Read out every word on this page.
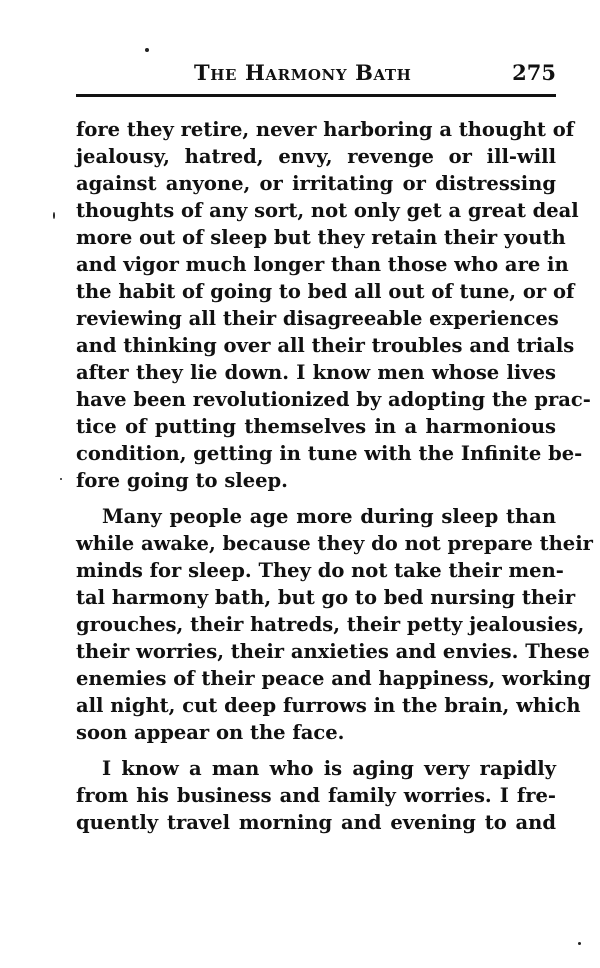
The Harmony Bath	275
fore they retire, never harboring a thought of
jealousy, hatred, envy, revenge or ill-will
against anyone, or irritating or distressing
thoughts of any sort, not only get a great deal
more out of sleep but they retain their youth
and vigor much longer than those who are in
the habit of going to bed all out of tune, or of
reviewing all their disagreeable experiences
and thinking over all their troubles and trials
after they lie down. I know men whose lives
have been revolutionized by adopting the prac-
tice of putting themselves in a harmonious
condition, getting in tune with the Infinite be-
fore going to sleep.
Many people age more during sleep than
while awake, because they do not prepare their
minds for sleep. They do not take their men-
tal harmony bath, but go to bed nursing their
grouches, their hatreds, their petty jealousies,
their worries, their anxieties and envies. These
enemies of their peace and happiness, working
all night, cut deep furrows in the brain, which
soon appear on the face.
I know a man who is aging very rapidly
from his business and family worries. I fre-
quently travel morning and evening to and
